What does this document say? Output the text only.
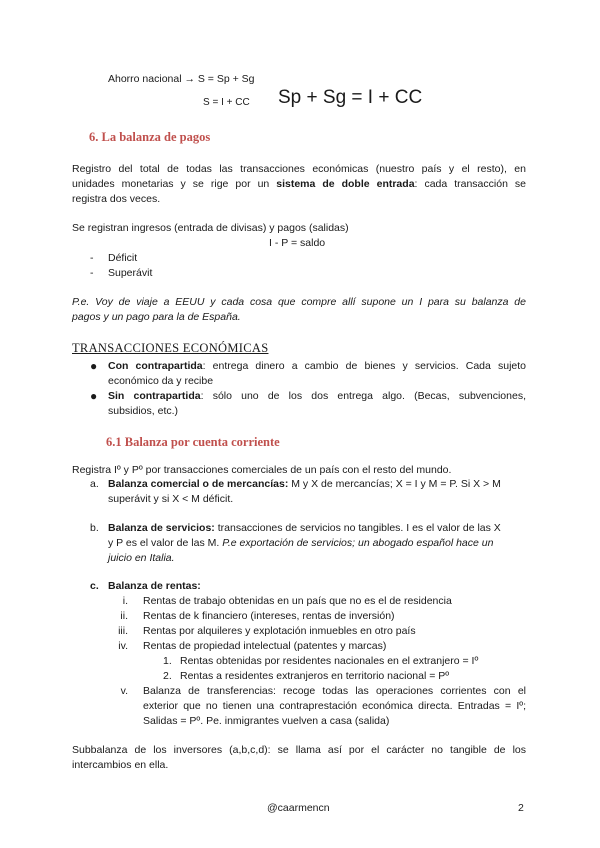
Ahorro nacional → S = Sp + Sg
S = I + CC Sp + Sg = I + CC
6. La balanza de pagos
Registro del total de todas las transacciones económicas (nuestro país y el resto), en
unidades monetarias y se rige por un sistema de doble entrada: cada transacción se
registra dos veces.
Se registran ingresos (entrada de divisas) y pagos (salidas)
I - P = saldo
- Déficit
- Superávit
P.e. Voy de viaje a EEUU y cada cosa que compre allí supone un I para su balanza de
pagos y un pago para la de España.
TRANSACCIONES ECONÓMICAS
● Con contrapartida: entrega dinero a cambio de bienes y servicios. Cada sujeto
económico da y recibe
● Sin contrapartida: sólo uno de los dos entrega algo. (Becas, subvenciones,
subsidios, etc.)
6.1 Balanza por cuenta corriente
Registra Iº y Pº por transacciones comerciales de un país con el resto del mundo.
a. Balanza comercial o de mercancías: M y X de mercancías; X = I y M = P. Si X > M
superávit y si X < M déficit.
b. Balanza de servicios: transacciones de servicios no tangibles. I es el valor de las X
y P es el valor de las M. P.e exportación de servicios; un abogado español hace un
juicio en Italia.
c. Balanza de rentas:
i. Rentas de trabajo obtenidas en un país que no es el de residencia
ii. Rentas de k financiero (intereses, rentas de inversión)
iii. Rentas por alquileres y explotación inmuebles en otro país
iv. Rentas de propiedad intelectual (patentes y marcas)
1. Rentas obtenidas por residentes nacionales en el extranjero = Iº
2. Rentas a residentes extranjeros en territorio nacional = Pº
v. Balanza de transferencias: recoge todas las operaciones corrientes con el
exterior que no tienen una contraprestación económica directa. Entradas = Iº;
Salidas = Pº. Pe. inmigrantes vuelven a casa (salida)
Subbalanza de los inversores (a,b,c,d): se llama así por el carácter no tangible de los
intercambios en ella.
@caarmencn	2
